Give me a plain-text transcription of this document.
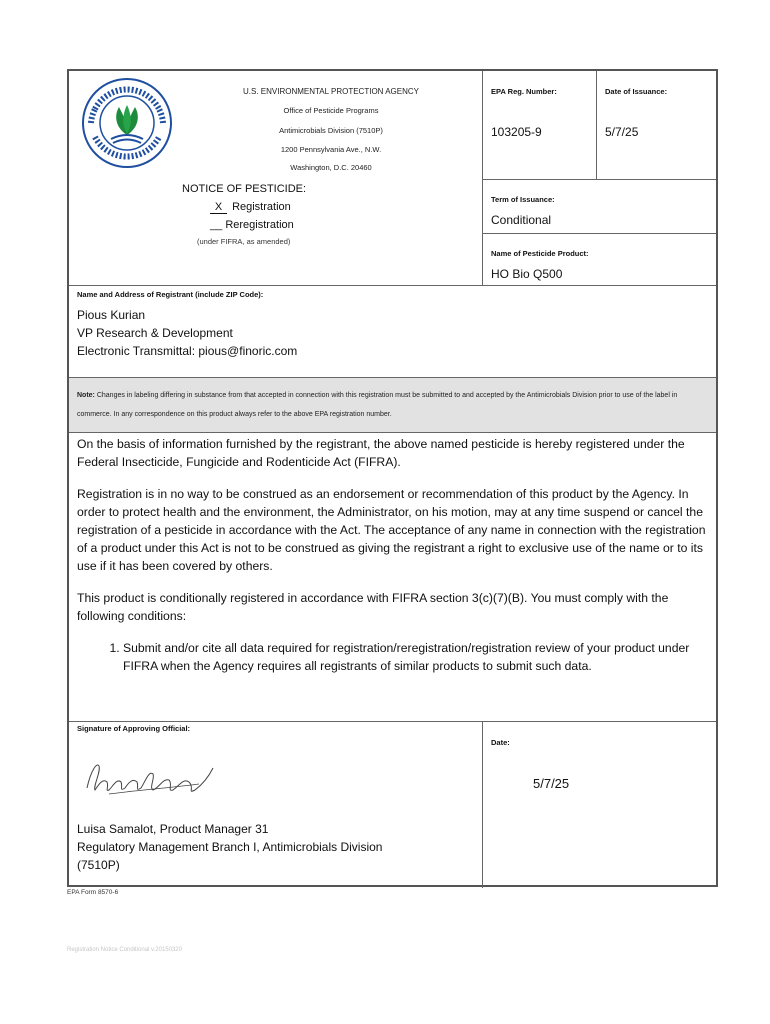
U.S. ENVIRONMENTAL PROTECTION AGENCY
Office of Pesticide Programs
Antimicrobials Division (7510P)
1200 Pennsylvania Ave., N.W.
Washington, D.C. 20460
NOTICE OF PESTICIDE:
X Registration
__ Reregistration
(under FIFRA, as amended)
EPA Reg. Number:
103205-9
Date of Issuance:
5/7/25
Term of Issuance:
Conditional
Name of Pesticide Product:
HO Bio Q500
Name and Address of Registrant (include ZIP Code):
Pious Kurian
VP Research & Development
Electronic Transmittal: pious@finoric.com
Note: Changes in labeling differing in substance from that accepted in connection with this registration must be submitted to and accepted by the Antimicrobials Division prior to use of the label in commerce. In any correspondence on this product always refer to the above EPA registration number.

On the basis of information furnished by the registrant, the above named pesticide is hereby registered under the Federal Insecticide, Fungicide and Rodenticide Act (FIFRA).

Registration is in no way to be construed as an endorsement or recommendation of this product by the Agency. In order to protect health and the environment, the Administrator, on his motion, may at any time suspend or cancel the registration of a pesticide in accordance with the Act. The acceptance of any name in connection with the registration of a product under this Act is not to be construed as giving the registrant a right to exclusive use of the name or to its use if it has been covered by others.

This product is conditionally registered in accordance with FIFRA section 3(c)(7)(B). You must comply with the following conditions:

1. Submit and/or cite all data required for registration/reregistration/registration review of your product under FIFRA when the Agency requires all registrants of similar products to submit such data.
Signature of Approving Official:
Luisa Samalot, Product Manager 31
Regulatory Management Branch I, Antimicrobials Division
(7510P)
Date:
5/7/25
EPA Form 8570-6
Registration Notice Conditional v.20150320
